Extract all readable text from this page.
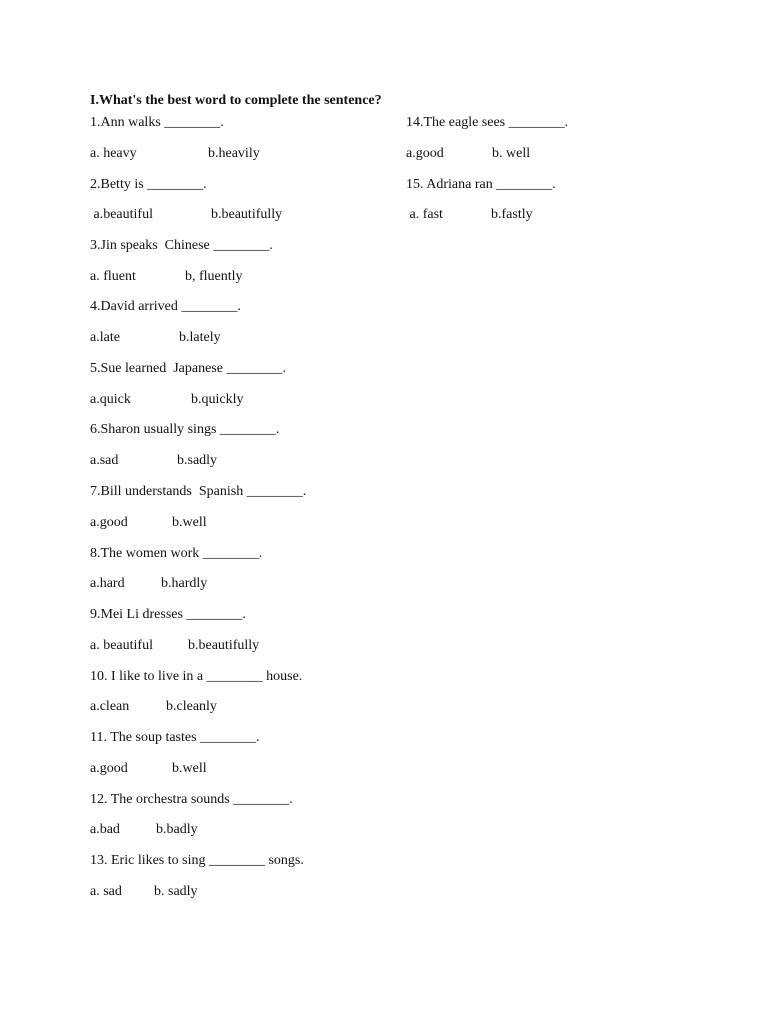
I.What's the best word to complete the sentence?
1.Ann walks ________.
a. heavy	b.heavily
2.Betty is ________.
a.beautiful	b.beautifully
3.Jin speaks  Chinese ________.
a. fluent	b, fluently
4.David arrived ________.
a.late	b.lately
5.Sue learned  Japanese ________.
a.quick	b.quickly
6.Sharon usually sings ________.
a.sad	b.sadly
7.Bill understands  Spanish ________.
a.good	b.well
8.The women work ________.
a.hard	b.hardly
9.Mei Li dresses ________.
a. beautiful	b.beautifully
10. I like to live in a ________ house.
a.clean	b.cleanly
11. The soup tastes ________.
a.good	b.well
12. The orchestra sounds ________.
a.bad	b.badly
13. Eric likes to sing ________ songs.
a. sad b. sadly
14.The eagle sees ________.
a.good	b. well
15. Adriana ran ________.
a. fast	b.fastly
